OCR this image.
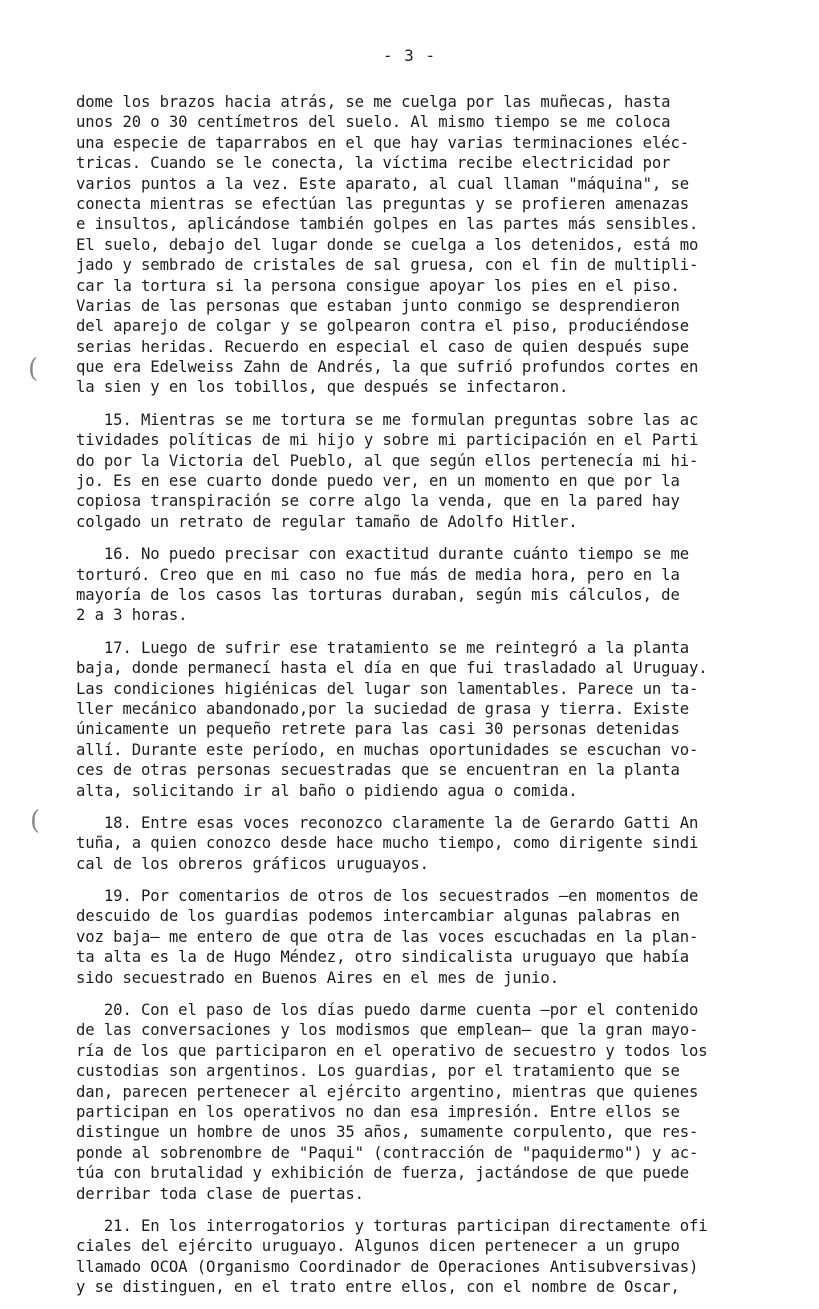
- 3 -
(
(
dome los brazos hacia atrás, se me cuelga por las muñecas, hasta
unos 20 o 30 centímetros del suelo. Al mismo tiempo se me coloca
una especie de taparrabos en el que hay varias terminaciones eléc-
tricas. Cuando se le conecta, la víctima recibe electricidad por
varios puntos a la vez. Este aparato, al cual llaman "máquina", se
conecta mientras se efectúan las preguntas y se profieren amenazas
e insultos, aplicándose también golpes en las partes más sensibles.
El suelo, debajo del lugar donde se cuelga a los detenidos, está mo
jado y sembrado de cristales de sal gruesa, con el fin de multipli-
car la tortura si la persona consigue apoyar los pies en el piso.
Varias de las personas que estaban junto conmigo se desprendieron
del aparejo de colgar y se golpearon contra el piso, produciéndose
serias heridas. Recuerdo en especial el caso de quien después supe
que era Edelweiss Zahn de Andrés, la que sufrió profundos cortes en
la sien y en los tobillos, que después se infectaron.
15. Mientras se me tortura se me formulan preguntas sobre las ac
tividades políticas de mi hijo y sobre mi participación en el Parti
do por la Victoria del Pueblo, al que según ellos pertenecía mi hi-
jo. Es en ese cuarto donde puedo ver, en un momento en que por la
copiosa transpiración se corre algo la venda, que en la pared hay
colgado un retrato de regular tamaño de Adolfo Hitler.
16. No puedo precisar con exactitud durante cuánto tiempo se me
torturó. Creo que en mi caso no fue más de media hora, pero en la
mayoría de los casos las torturas duraban, según mis cálculos, de
2 a 3 horas.
17. Luego de sufrir ese tratamiento se me reintegró a la planta
baja, donde permanecí hasta el día en que fui trasladado al Uruguay.
Las condiciones higiénicas del lugar son lamentables. Parece un ta-
ller mecánico abandonado,por la suciedad de grasa y tierra. Existe
únicamente un pequeño retrete para las casi 30 personas detenidas
allí. Durante este período, en muchas oportunidades se escuchan vo-
ces de otras personas secuestradas que se encuentran en la planta
alta, solicitando ir al baño o pidiendo agua o comida.
18. Entre esas voces reconozco claramente la de Gerardo Gatti An
tuña, a quien conozco desde hace mucho tiempo, como dirigente sindi
cal de los obreros gráficos uruguayos.
19. Por comentarios de otros de los secuestrados —en momentos de
descuido de los guardias podemos intercambiar algunas palabras en
voz baja— me entero de que otra de las voces escuchadas en la plan-
ta alta es la de Hugo Méndez, otro sindicalista uruguayo que había
sido secuestrado en Buenos Aires en el mes de junio.
20. Con el paso de los días puedo darme cuenta —por el contenido
de las conversaciones y los modismos que emplean— que la gran mayo-
ría de los que participaron en el operativo de secuestro y todos los
custodias son argentinos. Los guardias, por el tratamiento que se
dan, parecen pertenecer al ejército argentino, mientras que quienes
participan en los operativos no dan esa impresión. Entre ellos se
distingue un hombre de unos 35 años, sumamente corpulento, que res-
ponde al sobrenombre de "Paqui" (contracción de "paquidermo") y ac-
túa con brutalidad y exhibición de fuerza, jactándose de que puede
derribar toda clase de puertas.
21. En los interrogatorios y torturas participan directamente ofi
ciales del ejército uruguayo. Algunos dicen pertenecer a un grupo
llamado OCOA (Organismo Coordinador de Operaciones Antisubversivas)
y se distinguen, en el trato entre ellos, con el nombre de Oscar,
